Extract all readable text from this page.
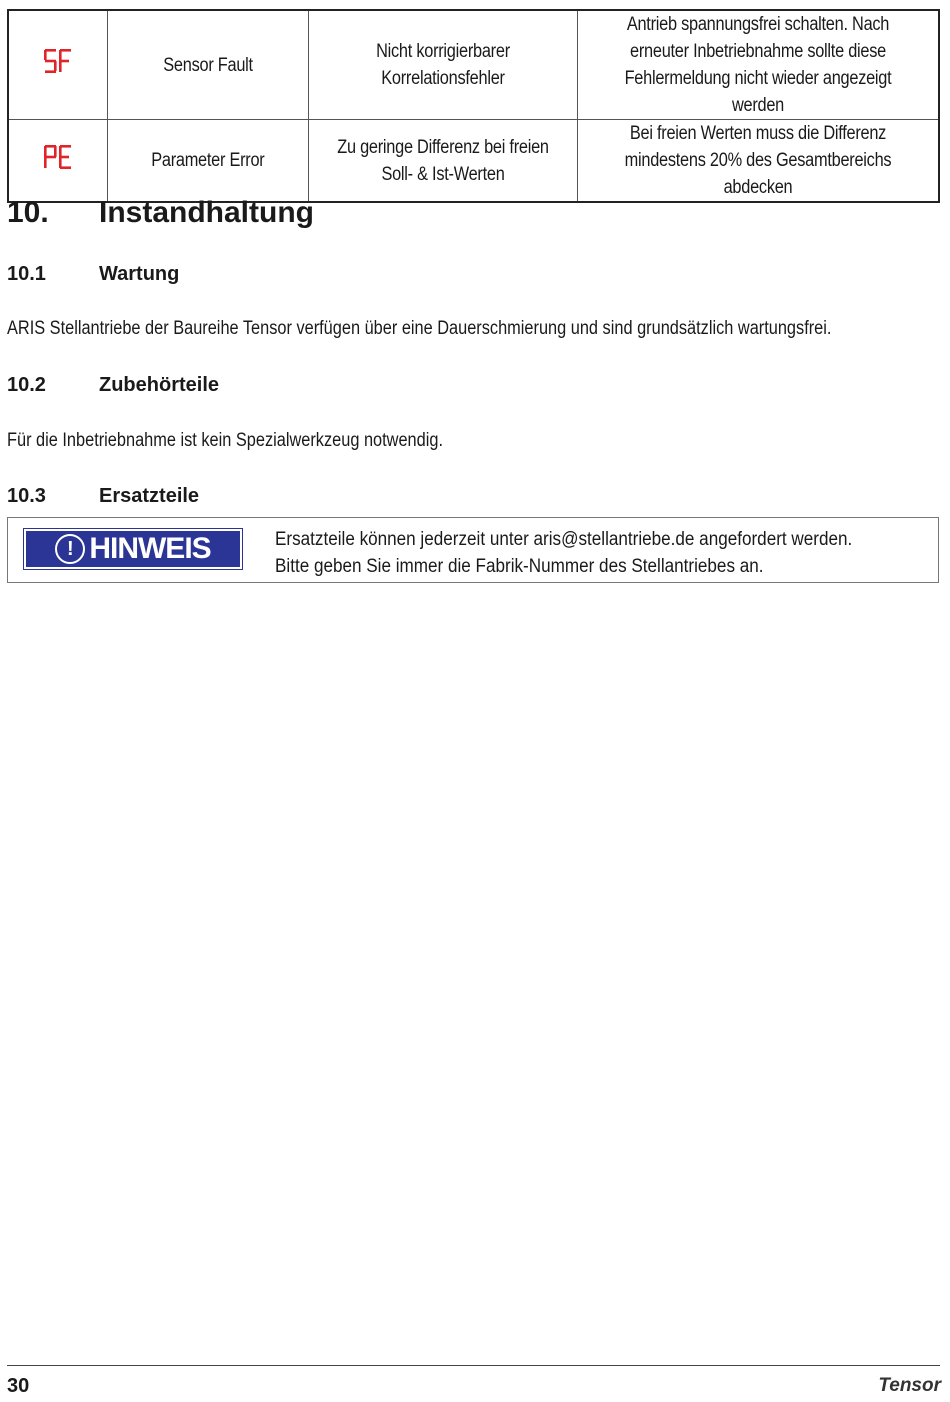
	Sensor Fault	Nicht korrigierbarer Korrelationsfehler	Antrieb spannungsfrei schalten. Nach erneuter Inbetriebnahme sollte diese Fehlermeldung nicht wieder angezeigt werden
	Parameter Error	Zu geringe Differenz bei freien Soll- & Ist-Werten	Bei freien Werten muss die Differenz mindestens 20% des Gesamtbereichs abdecken
10. Instandhaltung
10.1	Wartung
ARIS Stellantriebe der Baureihe Tensor verfügen über eine Dauerschmierung und sind grundsätzlich wartungsfrei.
10.2	Zubehörteile
Für die Inbetriebnahme ist kein Spezialwerkzeug notwendig.
10.3	Ersatzteile
! HINWEIS	Ersatzteile können jederzeit unter aris@stellantriebe.de angefordert werden.
Bitte geben Sie immer die Fabrik-Nummer des Stellantriebes an.
30	Tensor
